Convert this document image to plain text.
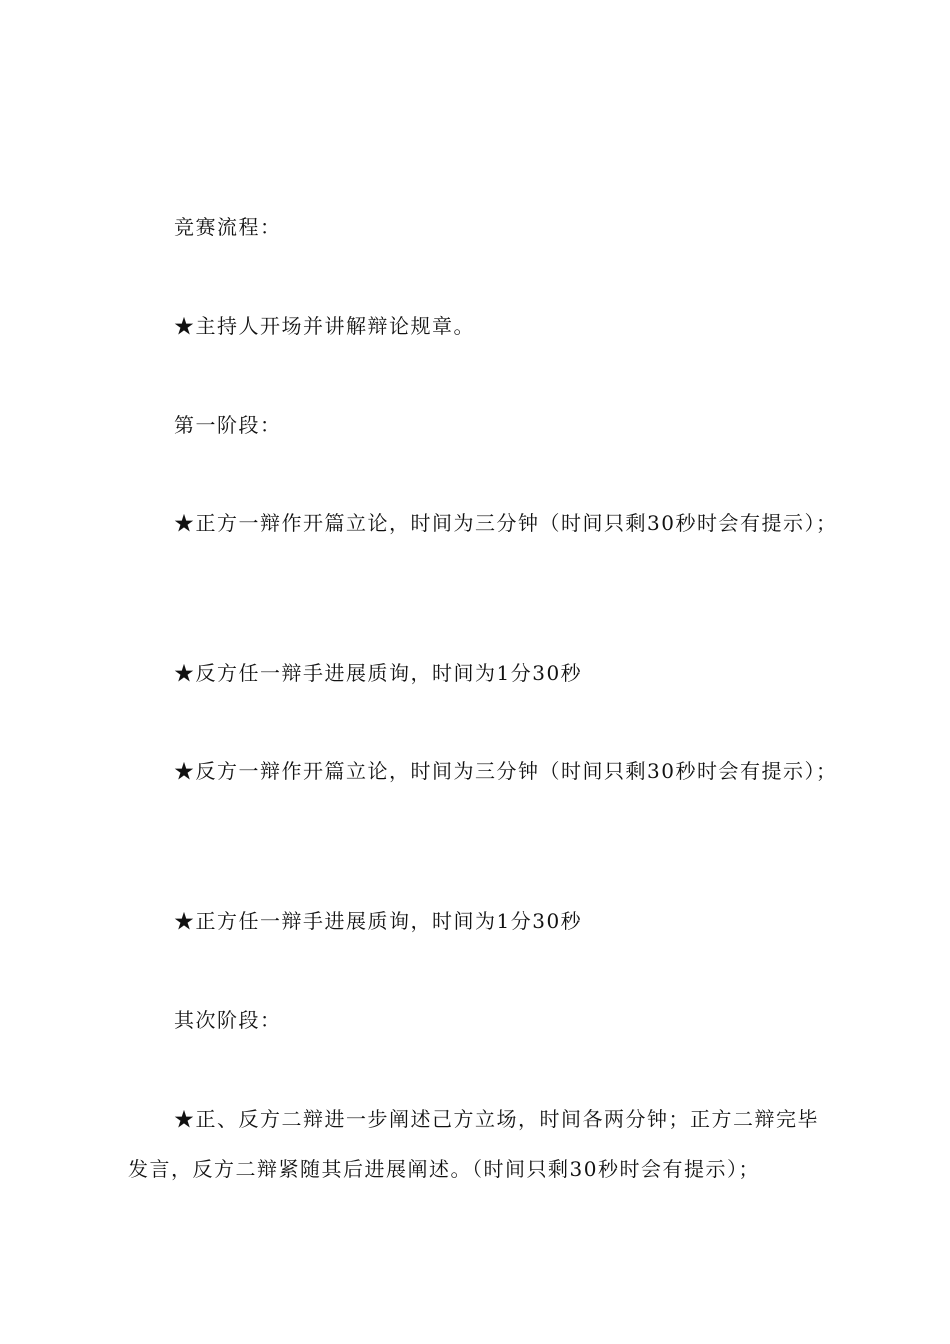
竞赛流程：

★主持人开场并讲解辩论规章。

第一阶段：

★正方一辩作开篇立论，时间为三分钟（时间只剩30秒时会有提示）；

★反方任一辩手进展质询，时间为1分30秒

★反方一辩作开篇立论，时间为三分钟（时间只剩30秒时会有提示）；

★正方任一辩手进展质询，时间为1分30秒

其次阶段：

★正、反方二辩进一步阐述己方立场，时间各两分钟；正方二辩完毕发言，反方二辩紧随其后进展阐述。（时间只剩30秒时会有提示）；
